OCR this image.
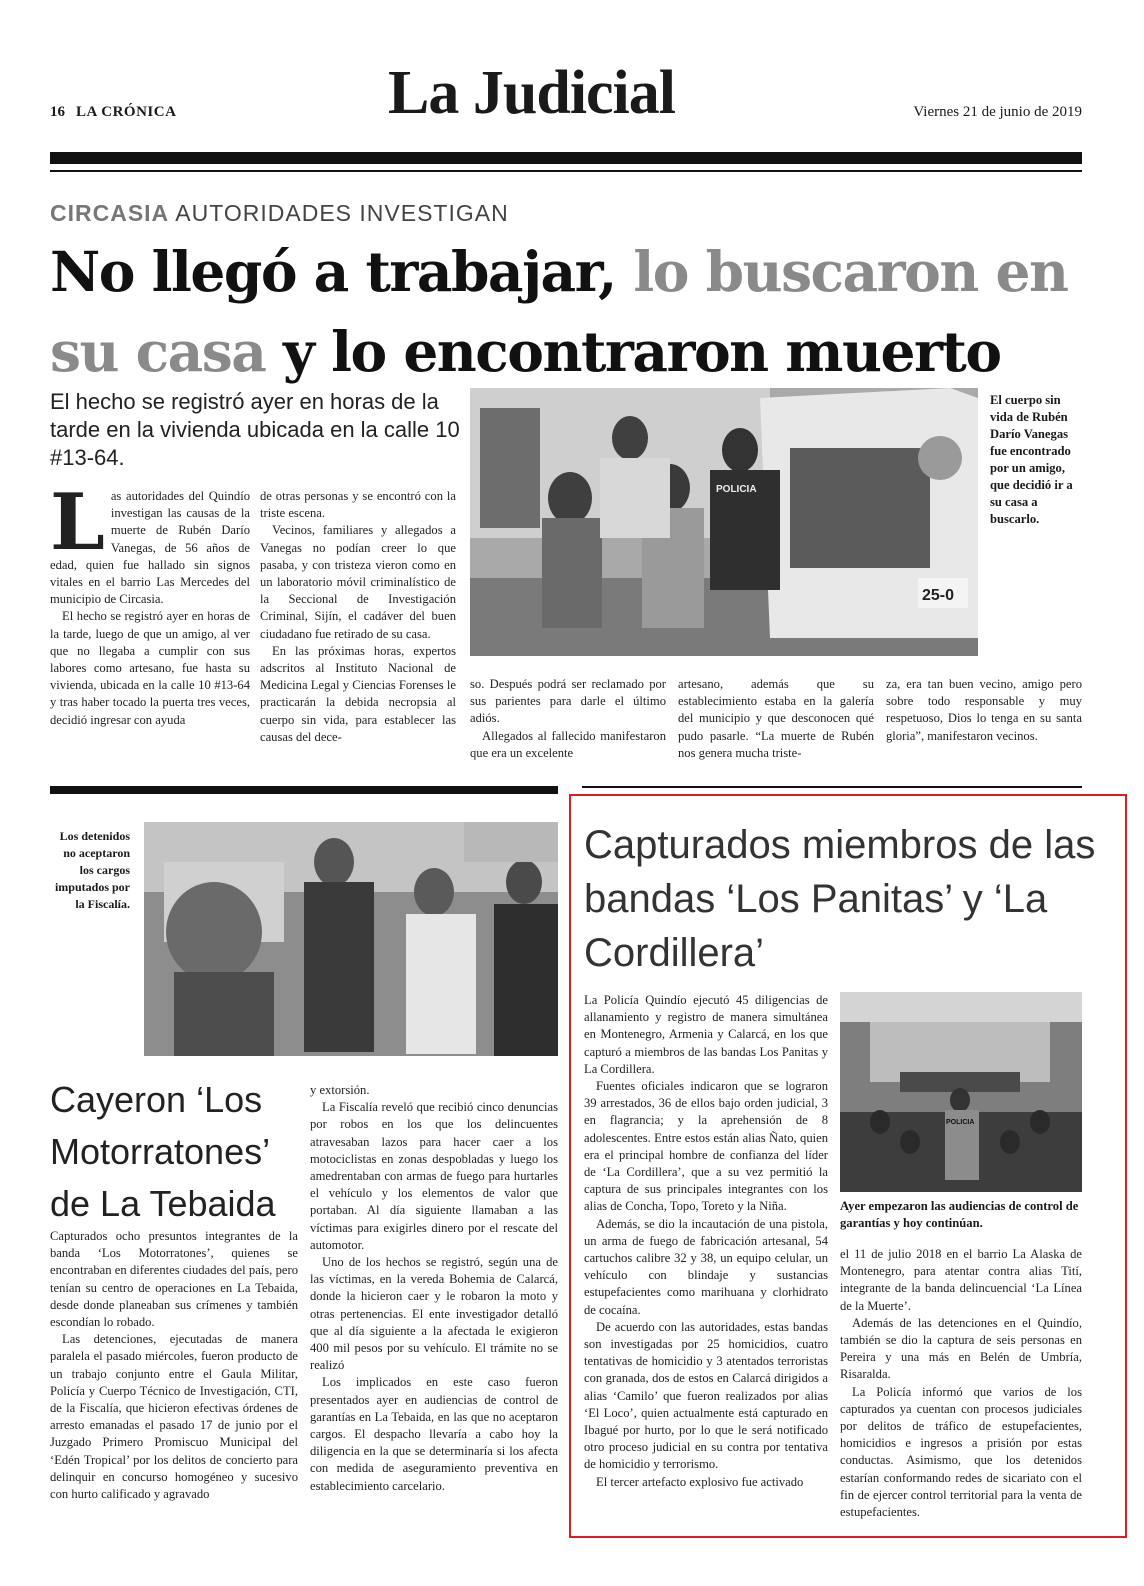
16 LA CRÓNICA	La Judicial	Viernes 21 de junio de 2019
CIRCASIA AUTORIDADES INVESTIGAN
No llegó a trabajar, lo buscaron en su casa y lo encontraron muerto
El hecho se registró ayer en horas de la tarde en la vivienda ubicada en la calle 10 #13-64.

Las autoridades del Quindío investigan las causas de la muerte de Rubén Darío Vanegas, de 56 años de edad, quien fue hallado sin signos vitales en el barrio Las Mercedes del municipio de Circasia.

El hecho se registró ayer en horas de la tarde, luego de que un amigo, al ver que no llegaba a cumplir con sus labores como artesano, fue hasta su vivienda, ubicada en la calle 10 #13-64 y tras haber tocado la puerta tres veces, decidió ingresar con ayuda

de otras personas y se encontró con la triste escena.

Vecinos, familiares y allegados a Vanegas no podían creer lo que pasaba, y con tristeza vieron como en un laboratorio móvil criminalístico de la Seccional de Investigación Criminal, Sijín, el cadáver del buen ciudadano fue retirado de su casa.

En las próximas horas, expertos adscritos al Instituto Nacional de Medicina Legal y Ciencias Forenses le practicarán la debida necropsia al cuerpo sin vida, para establecer las causas del dece-

25-0
POLICIA
El cuerpo sin vida de Rubén Darío Vanegas fue encontrado por un amigo, que decidió ir a su casa a buscarlo.

so. Después podrá ser reclamado por sus parientes para darle el último adiós.

Allegados al fallecido manifestaron que era un excelente

artesano, además que su establecimiento estaba en la galería del municipio y que desconocen qué pudo pasarle. “La muerte de Rubén nos genera mucha triste-

za, era tan buen vecino, amigo pero sobre todo responsable y muy respetuoso, Dios lo tenga en su santa gloria”, manifestaron vecinos.

Los detenidos no aceptaron los cargos imputados por la Fiscalía.
Cayeron ‘Los Motorratones’ de La Tebaida

Capturados ocho presuntos integrantes de la banda ‘Los Motorratones’, quienes se encontraban en diferentes ciudades del país, pero tenían su centro de operaciones en La Tebaida, desde donde planeaban sus crímenes y también escondían lo robado.

Las detenciones, ejecutadas de manera paralela el pasado miércoles, fueron producto de un trabajo conjunto entre el Gaula Militar, Policía y Cuerpo Técnico de Investigación, CTI, de la Fiscalía, que hicieron efectivas órdenes de arresto emanadas el pasado 17 de junio por el Juzgado Primero Promiscuo Municipal del ‘Edén Tropical’ por los delitos de concierto para delinquir en concurso homogéneo y sucesivo con hurto calificado y agravado

y extorsión.

La Fiscalía reveló que recibió cinco denuncias por robos en los que los delincuentes atravesaban lazos para hacer caer a los motociclistas en zonas despobladas y luego los amedrentaban con armas de fuego para hurtarles el vehículo y los elementos de valor que portaban. Al día siguiente llamaban a las víctimas para exigirles dinero por el rescate del automotor.

Uno de los hechos se registró, según una de las víctimas, en la vereda Bohemia de Calarcá, donde la hicieron caer y le robaron la moto y otras pertenencias. El ente investigador detalló que al día siguiente a la afectada le exigieron 400 mil pesos por su vehículo. El trámite no se realizó

Los implicados en este caso fueron presentados ayer en audiencias de control de garantías en La Tebaida, en las que no aceptaron cargos. El despacho llevaría a cabo hoy la diligencia en la que se determinaría si los afecta con medida de aseguramiento preventiva en establecimiento carcelario.

Capturados miembros de las bandas ‘Los Panitas’ y ‘La Cordillera’

La Policía Quindío ejecutó 45 diligencias de allanamiento y registro de manera simultánea en Montenegro, Armenia y Calarcá, en los que capturó a miembros de las bandas Los Panitas y La Cordillera.

Fuentes oficiales indicaron que se lograron 39 arrestados, 36 de ellos bajo orden judicial, 3 en flagrancia; y la aprehensión de 8 adolescentes. Entre estos están alias Ñato, quien era el principal hombre de confianza del líder de ‘La Cordillera’, que a su vez permitió la captura de sus principales integrantes con los alias de Concha, Topo, Toreto y la Niña.

Además, se dio la incautación de una pistola, un arma de fuego de fabricación artesanal, 54 cartuchos calibre 32 y 38, un equipo celular, un vehículo con blindaje y sustancias estupefacientes como marihuana y clorhidrato de cocaína.

De acuerdo con las autoridades, estas bandas son investigadas por 25 homicidios, cuatro tentativas de homicidio y 3 atentados terroristas con granada, dos de estos en Calarcá dirigidos a alias ‘Camilo’ que fueron realizados por alias ‘El Loco’, quien actualmente está capturado en Ibagué por hurto, por lo que le será notificado otro proceso judicial en su contra por tentativa de homicidio y terrorismo.

El tercer artefacto explosivo fue activado

POLICIA
Ayer empezaron las audiencias de control de garantías y hoy continúan.

el 11 de julio 2018 en el barrio La Alaska de Montenegro, para atentar contra alias Tití, integrante de la banda delincuencial ‘La Línea de la Muerte’.

Además de las detenciones en el Quindío, también se dio la captura de seis personas en Pereira y una más en Belén de Umbría, Risaralda.

La Policía informó que varios de los capturados ya cuentan con procesos judiciales por delitos de tráfico de estupefacientes, homicidios e ingresos a prisión por estas conductas. Asimismo, que los detenidos estarían conformando redes de sicariato con el fin de ejercer control territorial para la venta de estupefacientes.
